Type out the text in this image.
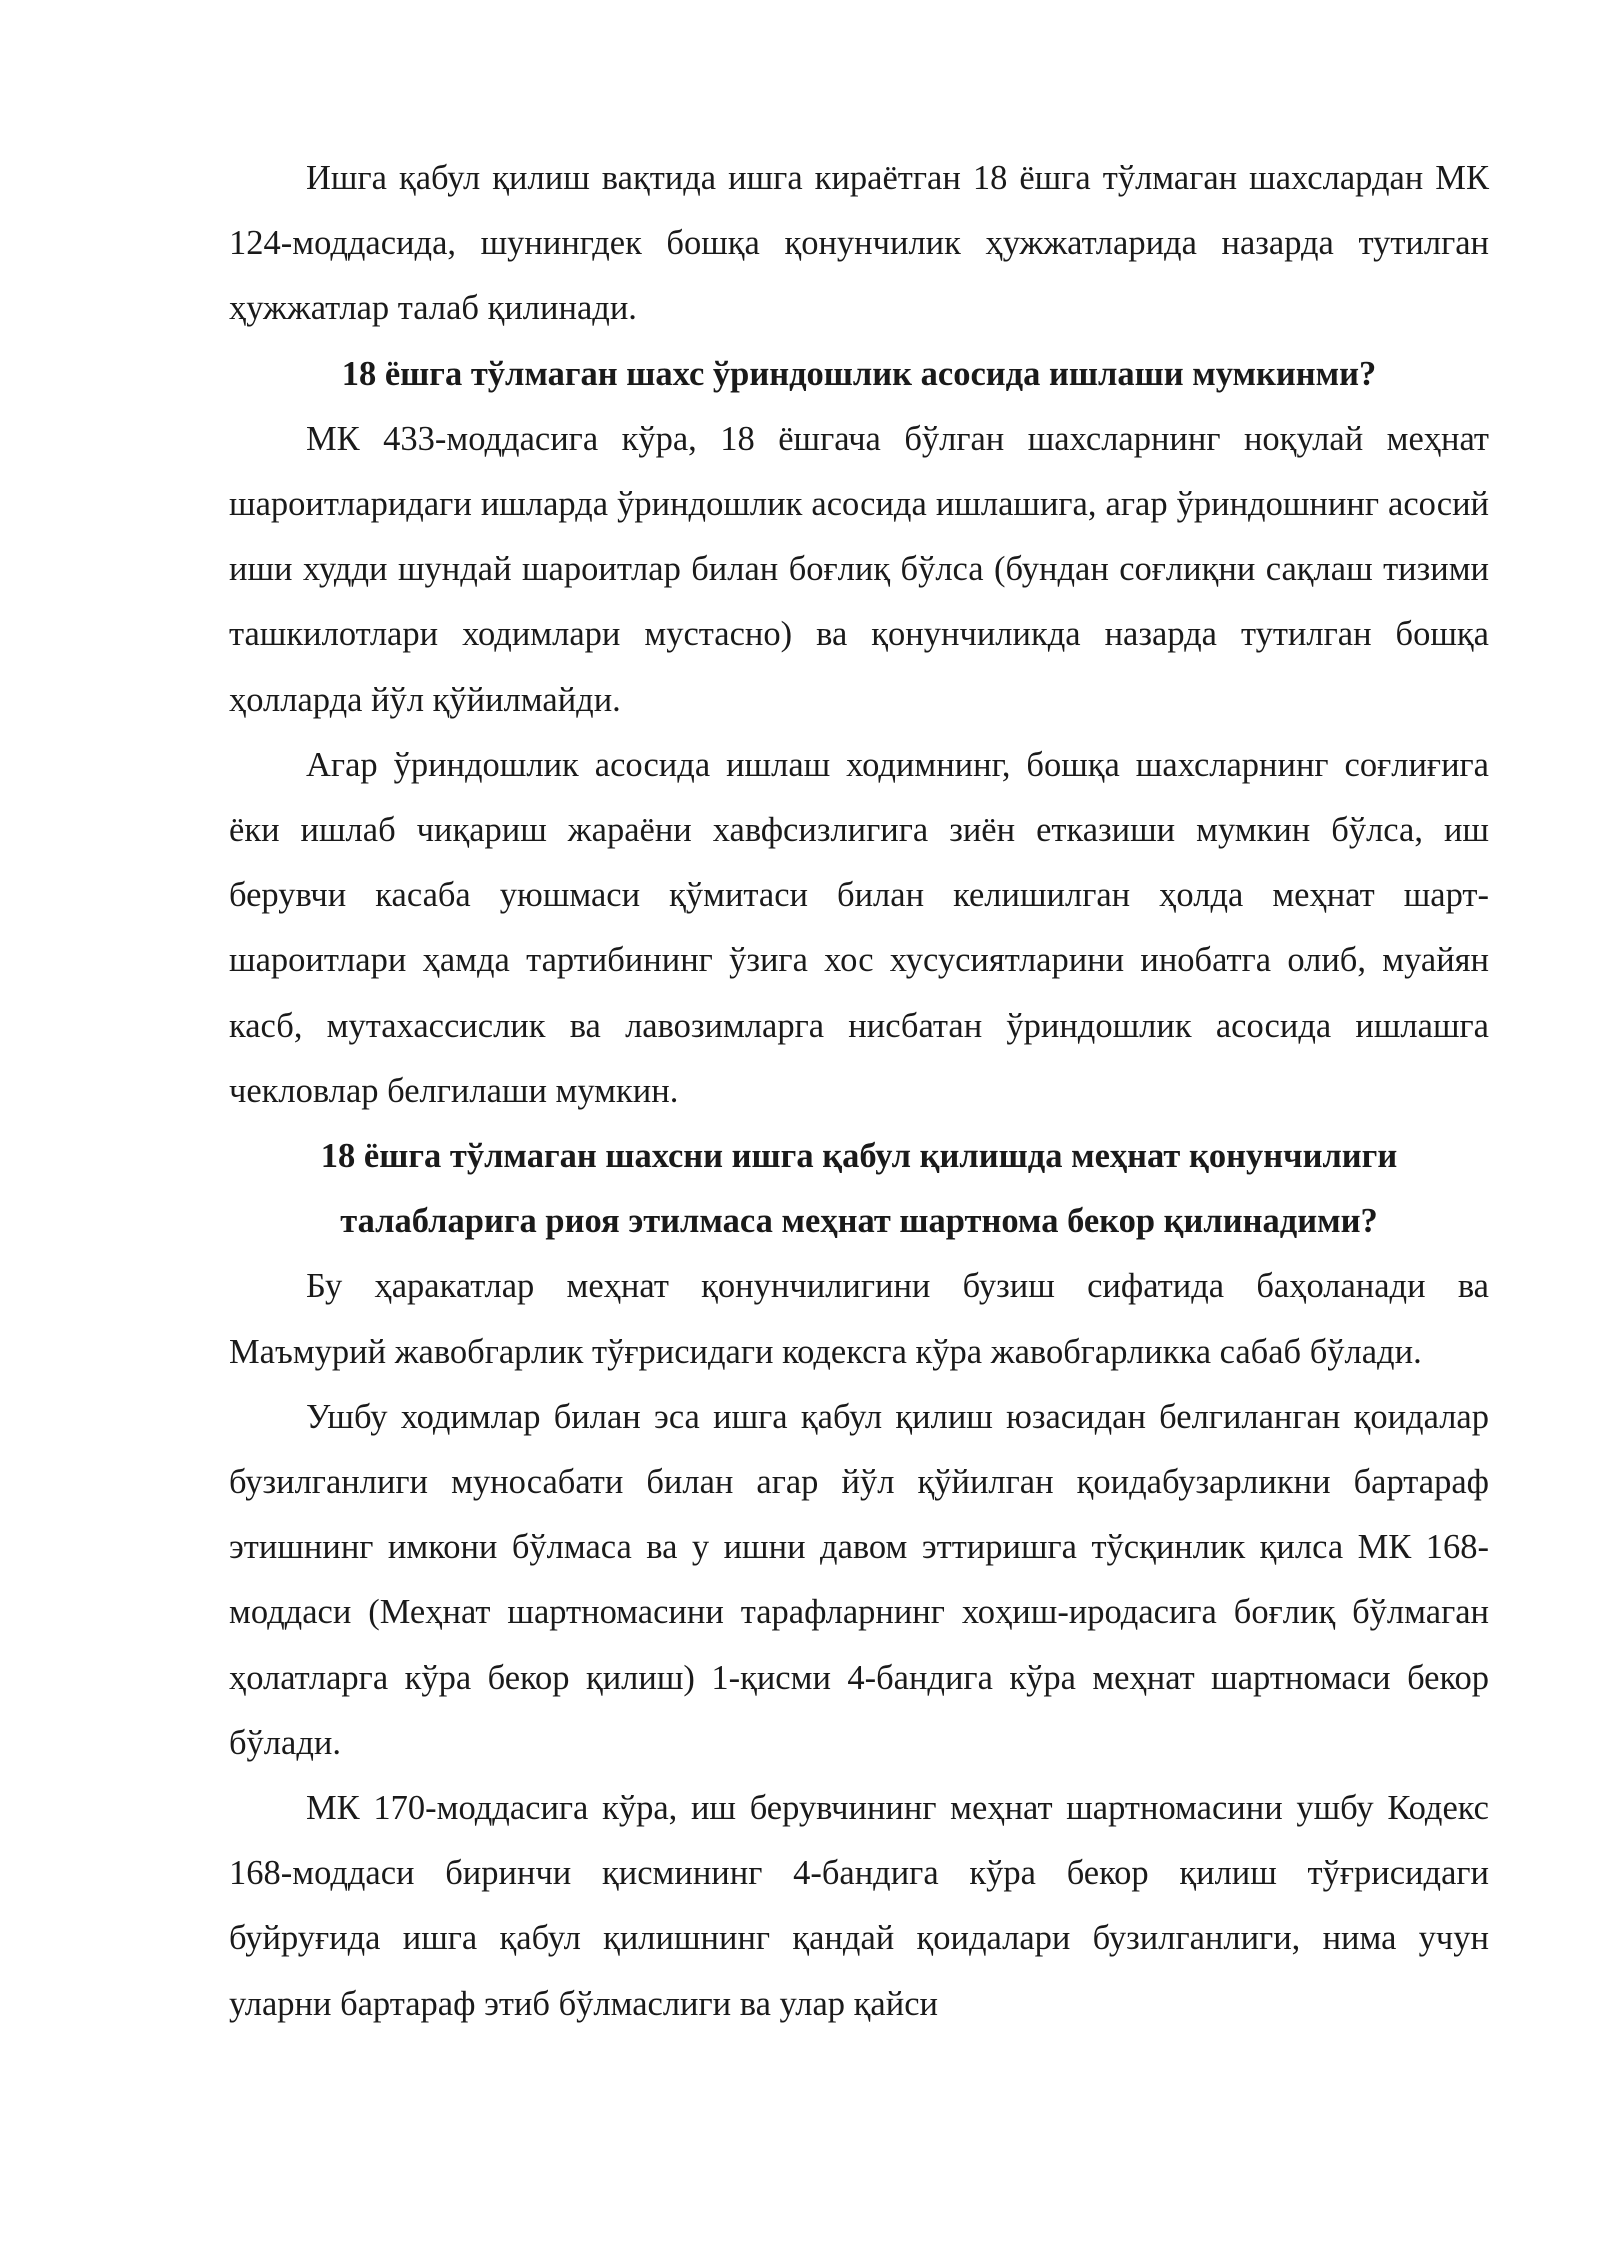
Ишга қабул қилиш вақтида ишга кираётган 18 ёшга тўлмаган шахслардан МК 124-моддасида, шунингдек бошқа қонунчилик ҳужжатларида назарда тутилган ҳужжатлар талаб қилинади.

18 ёшга тўлмаган шахс ўриндошлик асосида ишлаши мумкинми?

МК 433-моддасига кўра, 18 ёшгача бўлган шахсларнинг ноқулай меҳнат шароитларидаги ишларда ўриндошлик асосида ишлашига, агар ўриндошнинг асосий иши худди шундай шароитлар билан боғлиқ бўлса (бундан соғлиқни сақлаш тизими ташкилотлари ходимлари мустасно) ва қонунчиликда назарда тутилган бошқа ҳолларда йўл қўйилмайди.

Агар ўриндошлик асосида ишлаш ходимнинг, бошқа шахсларнинг соғлиғига ёки ишлаб чиқариш жараёни хавфсизлигига зиён етказиши мумкин бўлса, иш берувчи касаба уюшмаси қўмитаси билан келишилган ҳолда меҳнат шарт-шароитлари ҳамда тартибининг ўзига хос хусусиятларини инобатга олиб, муайян касб, мутахассислик ва лавозимларга нисбатан ўриндошлик асосида ишлашга чекловлар белгилаши мумкин.

18 ёшга тўлмаган шахсни ишга қабул қилишда меҳнат қонунчилиги талабларига риоя этилмаса меҳнат шартнома бекор қилинадими?

Бу ҳаракатлар меҳнат қонунчилигини бузиш сифатида баҳоланади ва Маъмурий жавобгарлик тўғрисидаги кодексга кўра жавобгарликка сабаб бўлади.

Ушбу ходимлар билан эса ишга қабул қилиш юзасидан белгиланган қоидалар бузилганлиги муносабати билан агар йўл қўйилган қоидабузарликни бартараф этишнинг имкони бўлмаса ва у ишни давом эттиришга тўсқинлик қилса МК 168-моддаси (Меҳнат шартномасини тарафларнинг хоҳиш-иродасига боғлиқ бўлмаган ҳолатларга кўра бекор қилиш) 1-қисми 4-бандига кўра меҳнат шартномаси бекор бўлади.

МК 170-моддасига кўра, иш берувчининг меҳнат шартномасини ушбу Кодекс 168-моддаси биринчи қисмининг 4-бандига кўра бекор қилиш тўғрисидаги буйруғида ишга қабул қилишнинг қандай қоидалари бузилганлиги, нима учун уларни бартараф этиб бўлмаслиги ва улар қайси
